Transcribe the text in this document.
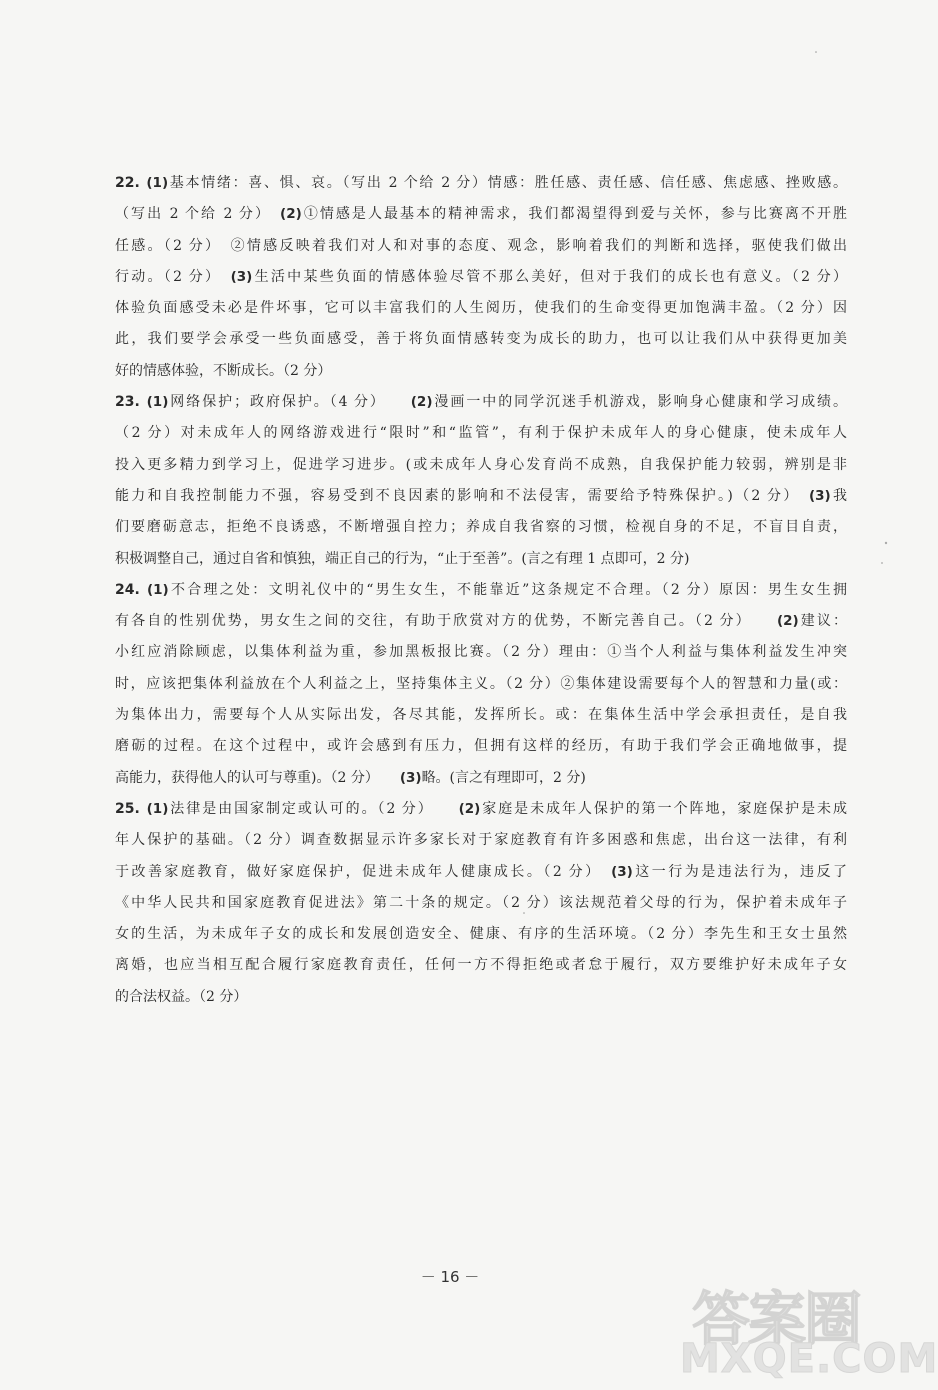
22. (1)基本情绪：喜、惧、哀。（写出 2 个给 2 分）情感：胜任感、责任感、信任感、焦虑感、挫败感。
（写出 2 个给 2 分）　(2)①情感是人最基本的精神需求，我们都渴望得到爱与关怀，参与比赛离不开胜
任感。（2 分）　②情感反映着我们对人和对事的态度、观念，影响着我们的判断和选择，驱使我们做出
行动。（2 分）　(3)生活中某些负面的情感体验尽管不那么美好，但对于我们的成长也有意义。（2 分）
体验负面感受未必是件坏事，它可以丰富我们的人生阅历，使我们的生命变得更加饱满丰盈。（2 分）因
此，我们要学会承受一些负面感受，善于将负面情感转变为成长的助力，也可以让我们从中获得更加美
好的情感体验，不断成长。（2 分）
23. (1)网络保护；政府保护。（4 分）　　(2)漫画一中的同学沉迷手机游戏，影响身心健康和学习成绩。
（2 分）对未成年人的网络游戏进行“限时”和“监管”，有利于保护未成年人的身心健康，使未成年人
投入更多精力到学习上，促进学习进步。(或未成年人身心发育尚不成熟，自我保护能力较弱，辨别是非
能力和自我控制能力不强，容易受到不良因素的影响和不法侵害，需要给予特殊保护。)（2 分）　(3)我
们要磨砺意志，拒绝不良诱惑，不断增强自控力；养成自我省察的习惯，检视自身的不足，不盲目自责，
积极调整自己，通过自省和慎独，端正自己的行为，“止于至善”。(言之有理 1 点即可，2 分)
24. (1)不合理之处：文明礼仪中的“男生女生，不能靠近”这条规定不合理。（2 分）原因：男生女生拥
有各自的性别优势，男女生之间的交往，有助于欣赏对方的优势，不断完善自己。（2 分）　　(2)建议：
小红应消除顾虑，以集体利益为重，参加黑板报比赛。（2 分）理由：①当个人利益与集体利益发生冲突
时，应该把集体利益放在个人利益之上，坚持集体主义。（2 分）②集体建设需要每个人的智慧和力量(或：
为集体出力，需要每个人从实际出发，各尽其能，发挥所长。或：在集体生活中学会承担责任，是自我
磨砺的过程。在这个过程中，或许会感到有压力，但拥有这样的经历，有助于我们学会正确地做事，提
高能力，获得他人的认可与尊重)。（2 分）　　(3)略。(言之有理即可，2 分)
25. (1)法律是由国家制定或认可的。（2 分）　　(2)家庭是未成年人保护的第一个阵地，家庭保护是未成
年人保护的基础。（2 分）调查数据显示许多家长对于家庭教育有许多困惑和焦虑，出台这一法律，有利
于改善家庭教育，做好家庭保护，促进未成年人健康成长。（2 分）　(3)这一行为是违法行为，违反了
《中华人民共和国家庭教育促进法》第二十条的规定。（2 分）该法规范着父母的行为，保护着未成年子
女的生活，为未成年子女的成长和发展创造安全、健康、有序的生活环境。（2 分）李先生和王女士虽然
离婚，也应当相互配合履行家庭教育责任，任何一方不得拒绝或者怠于履行，双方要维护好未成年子女
的合法权益。（2 分）
－ 16 －
答案圈
MXQE.COM
